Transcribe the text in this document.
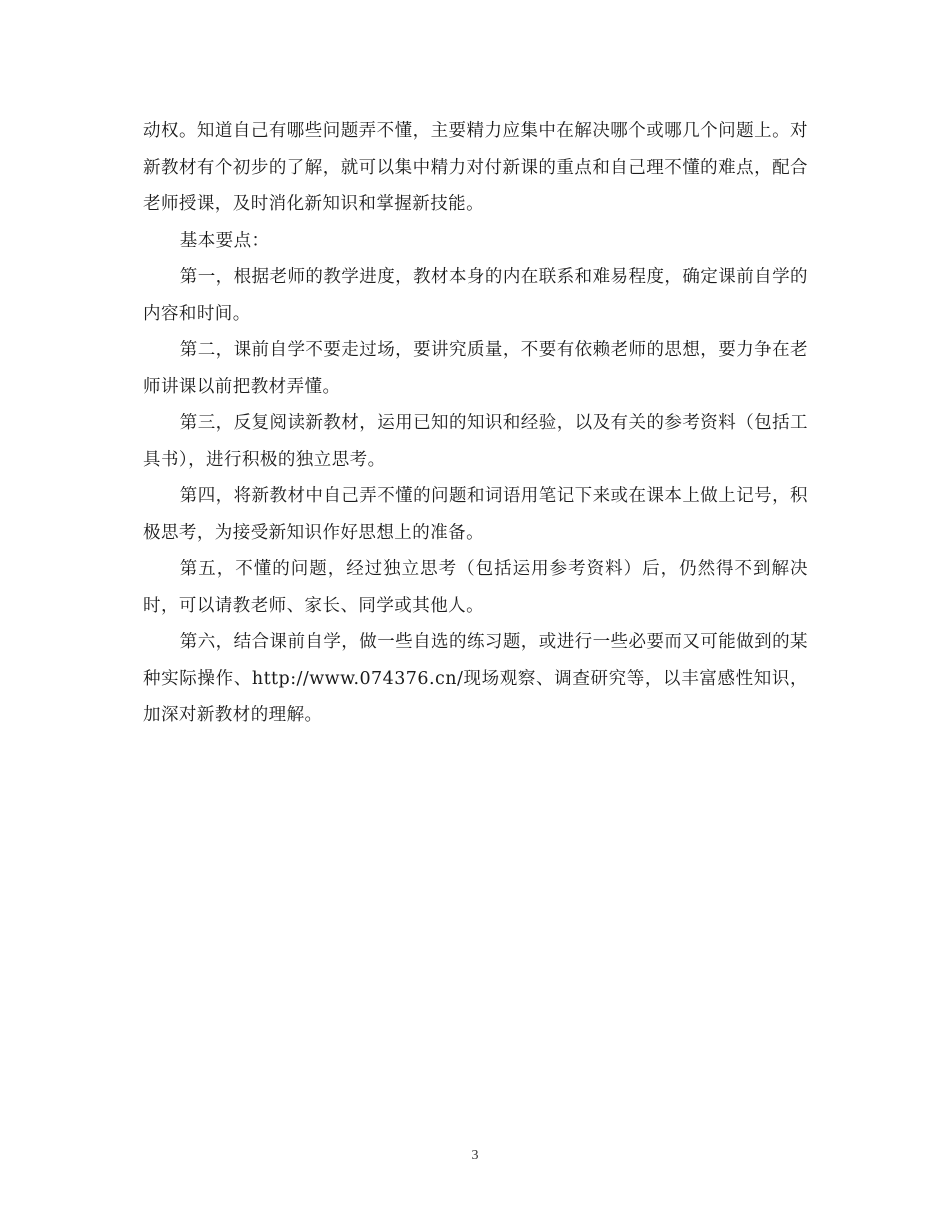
动权。知道自己有哪些问题弄不懂，主要精力应集中在解决哪个或哪几个问题上。对新教材有个初步的了解，就可以集中精力对付新课的重点和自己理不懂的难点，配合老师授课，及时消化新知识和掌握新技能。

基本要点：

第一，根据老师的教学进度，教材本身的内在联系和难易程度，确定课前自学的内容和时间。

第二，课前自学不要走过场，要讲究质量，不要有依赖老师的思想，要力争在老师讲课以前把教材弄懂。

第三，反复阅读新教材，运用已知的知识和经验，以及有关的参考资料（包括工具书），进行积极的独立思考。

第四，将新教材中自己弄不懂的问题和词语用笔记下来或在课本上做上记号，积极思考，为接受新知识作好思想上的准备。

第五，不懂的问题，经过独立思考（包括运用参考资料）后，仍然得不到解决时，可以请教老师、家长、同学或其他人。

第六，结合课前自学，做一些自选的练习题，或进行一些必要而又可能做到的某种实际操作、http://www.074376.cn/现场观察、调查研究等，以丰富感性知识，加深对新教材的理解。

3
